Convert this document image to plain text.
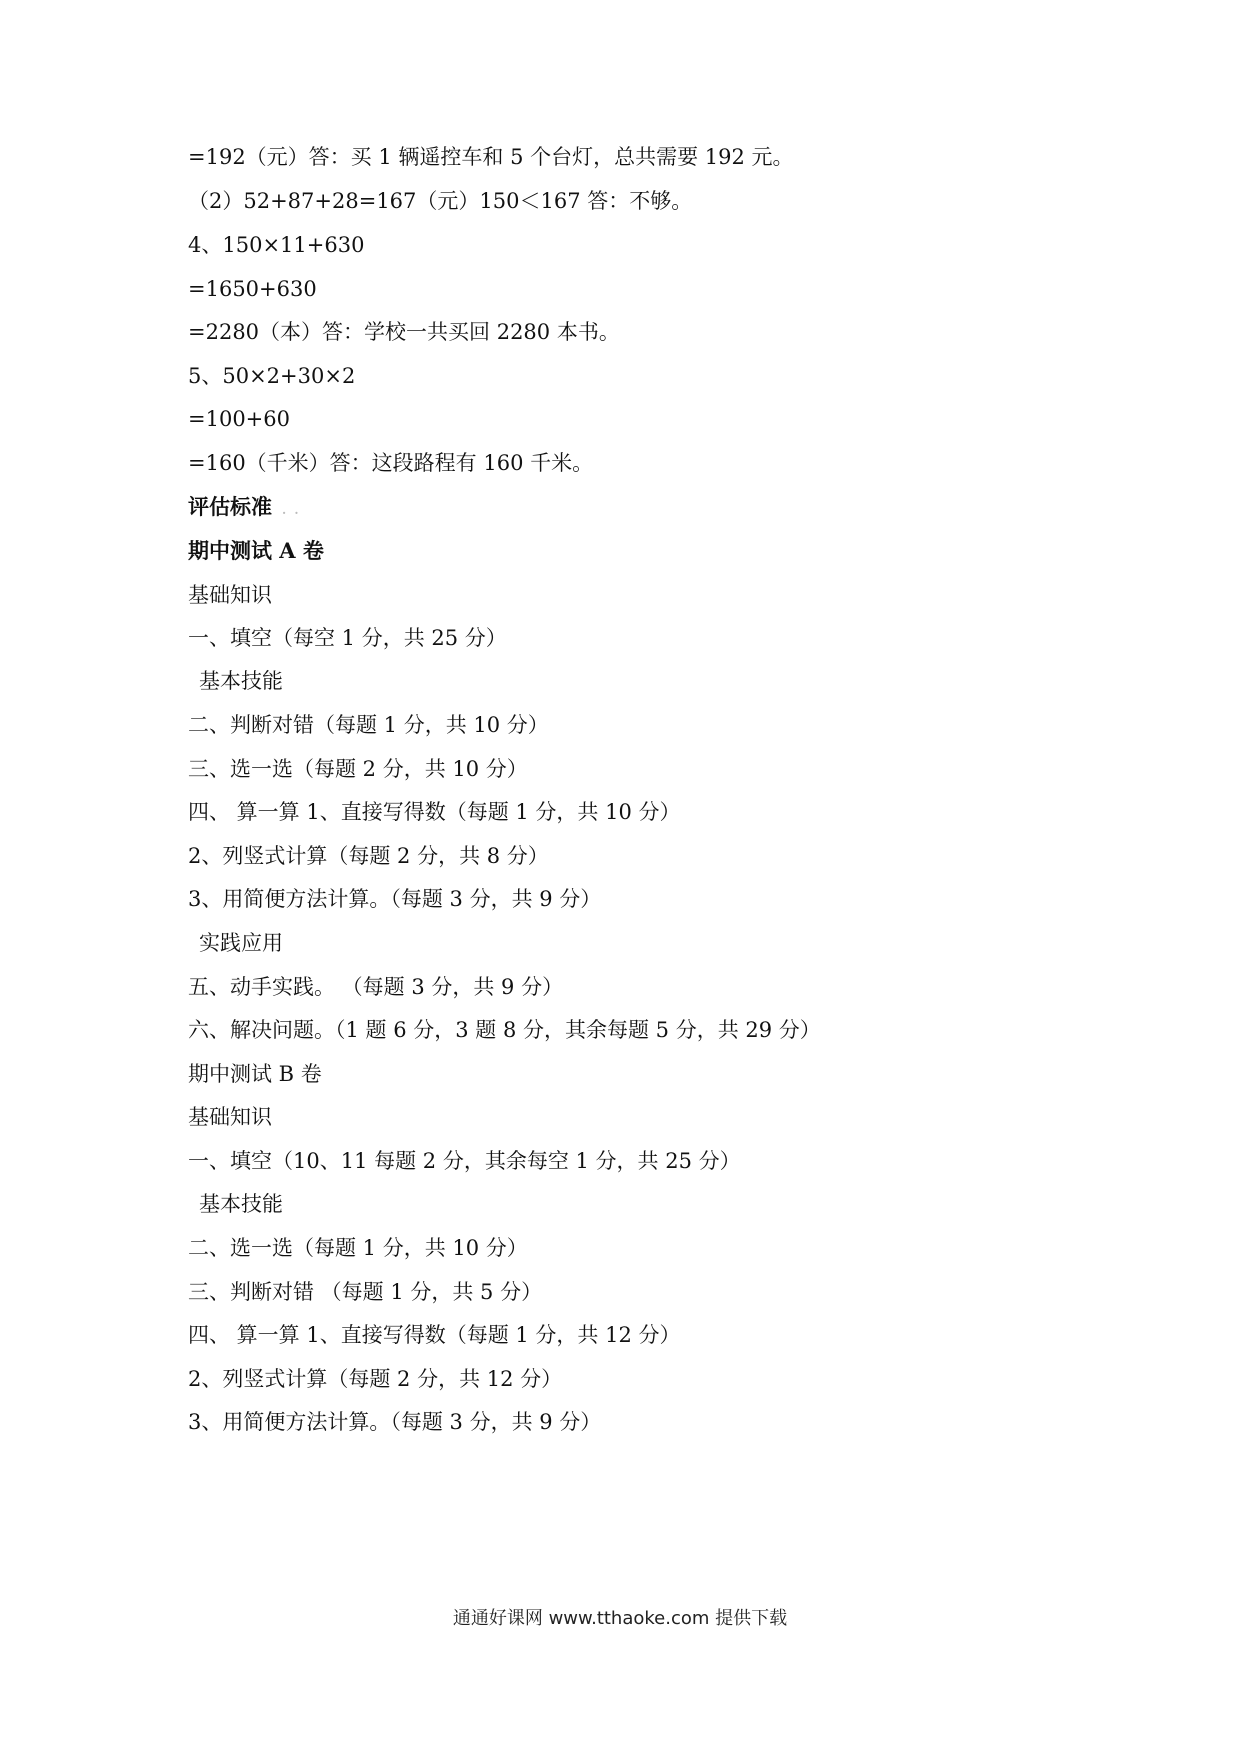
=192（元）答：买 1 辆遥控车和 5 个台灯，总共需要 192 元。
（2）52+87+28=167（元）150＜167 答：不够。
4、150×11+630
=1650+630
=2280（本）答：学校一共买回 2280 本书。
5、50×2+30×2
=100+60
=160（千米）答：这段路程有 160 千米。
评估标准 . .
期中测试 A 卷
基础知识
一、填空（每空 1 分，共 25 分）
基本技能
二、判断对错（每题 1 分，共 10 分）
三、选一选（每题 2 分，共 10 分）
四、 算一算 1、直接写得数（每题 1 分，共 10 分）
2、列竖式计算（每题 2 分，共 8 分）
3、用简便方法计算。（每题 3 分，共 9 分）
实践应用
五、动手实践。 （每题 3 分，共 9 分）
六、解决问题。（1 题 6 分，3 题 8 分，其余每题 5 分，共 29 分）
期中测试 B 卷
基础知识
一、填空（10、11 每题 2 分，其余每空 1 分，共 25 分）
基本技能
二、选一选（每题 1 分，共 10 分）
三、判断对错 （每题 1 分，共 5 分）
四、 算一算 1、直接写得数（每题 1 分，共 12 分）
2、列竖式计算（每题 2 分，共 12 分）
3、用简便方法计算。（每题 3 分，共 9 分）
通通好课网 www.tthaoke.com 提供下载
